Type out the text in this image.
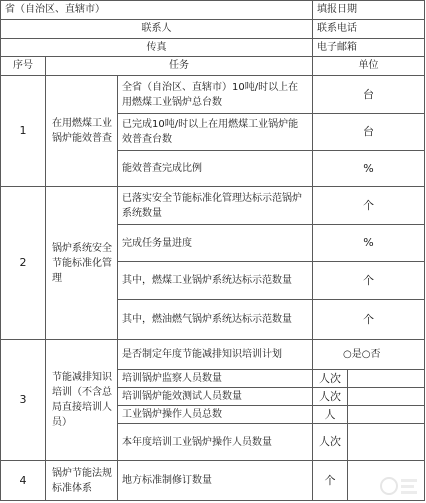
省（自治区、直辖市）			填报日期	
联系人			联系电话	
传真			电子邮箱	
序号	任务		单位	
1	在用燃煤工业锅炉能效普查	全省（自治区、直辖市）10吨/时以上在用燃煤工业锅炉总台数	台	
		已完成10吨/时以上在用燃煤工业锅炉能效普查台数	台	
		能效普查完成比例	%	
2	锅炉系统安全节能标准化管理	已落实安全节能标准化管理达标示范锅炉系统数量	个	
		完成任务量进度	%	
		其中，燃煤工业锅炉系统达标示范数量	个	
		其中，燃油燃气锅炉系统达标示范数量	个	
3	节能减排知识培训（不含总局直接培训人员）	是否制定年度节能减排知识培训计划	○是○否	
		培训锅炉监察人员数量	人次	
		培训锅炉能效测试人员数量	人次	
		工业锅炉操作人员总数	人	
		本年度培训工业锅炉操作人员数量	人次	
4	锅炉节能法规标准体系	地方标准制修订数量	个	
